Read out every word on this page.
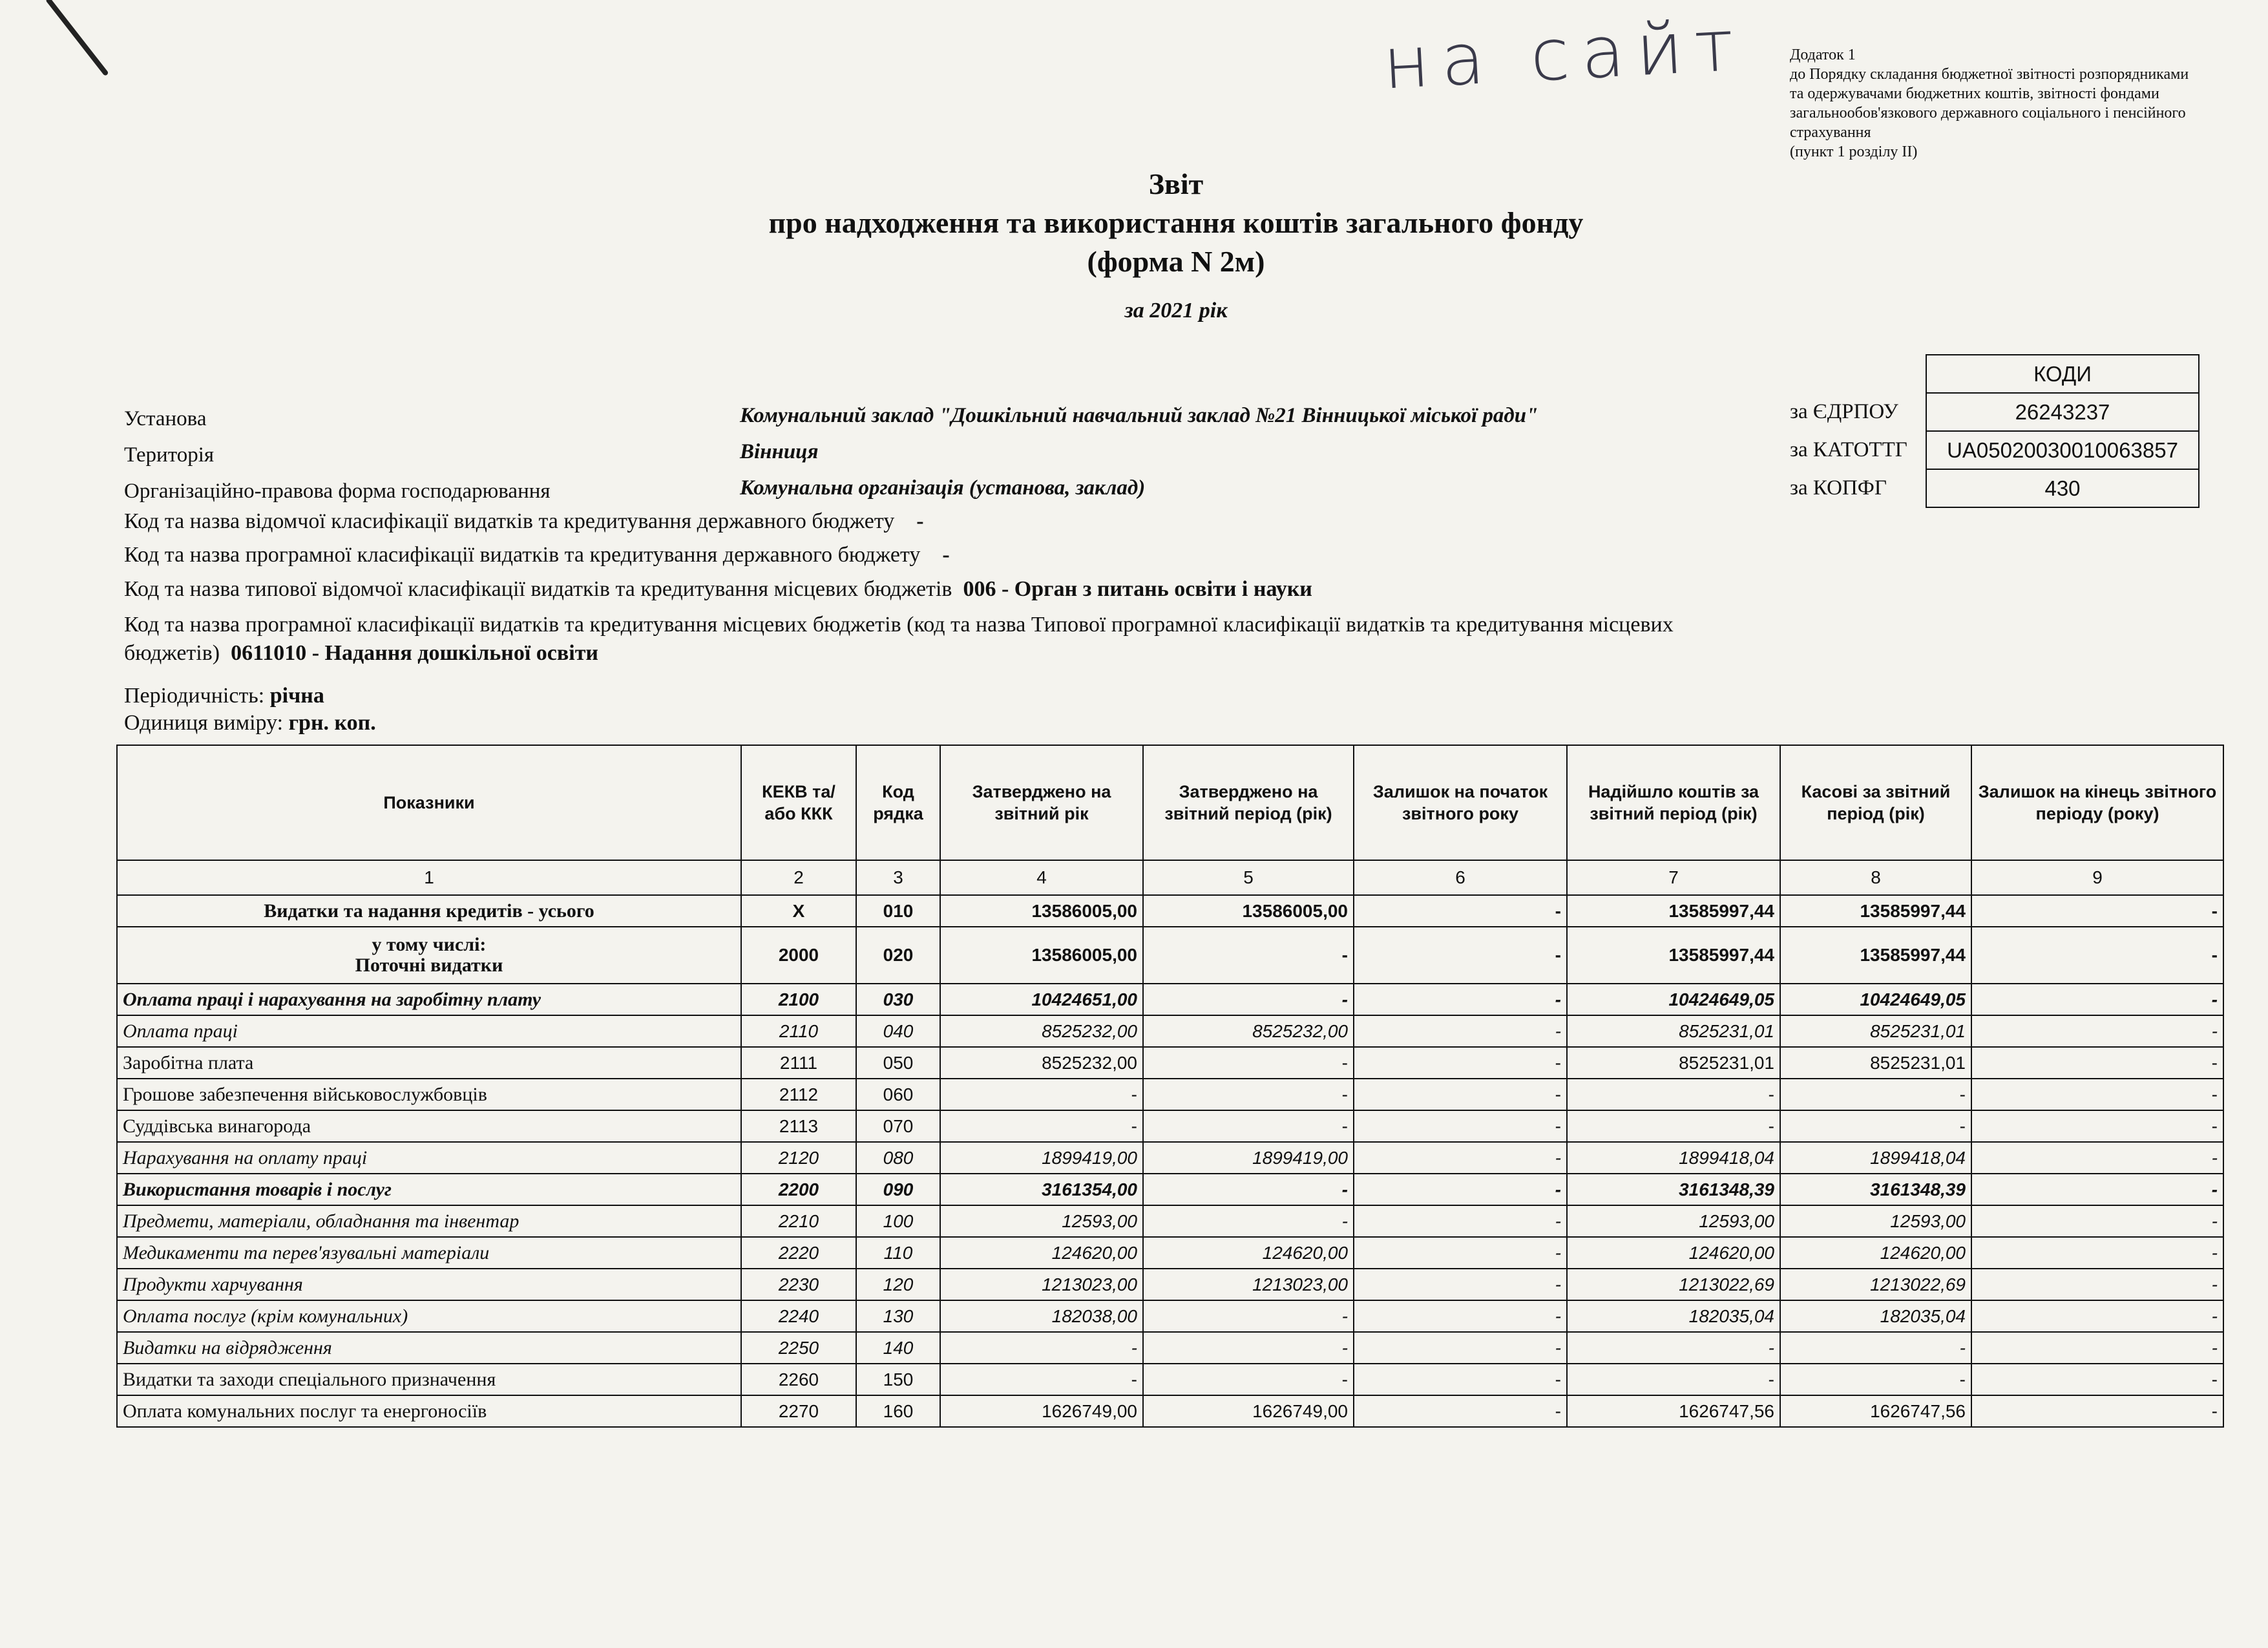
на сайт	Додаток 1
до Порядку складання бюджетної звітності розпорядниками
та одержувачами бюджетних коштів, звітності фондами
загальнообов'язкового державного соціального і пенсійного
страхування
(пункт 1 розділу ІІ)
Звіт
про надходження та використання коштів загального фонду
(форма N 2м)
за 2021 рік
	КОДИ
за ЄДРПОУ	26243237
за КАТОТТГ	UA05020030010063857
за КОПФГ	430
Установа	Комунальний заклад "Дошкільний навчальний заклад №21 Вінницької міської ради"
Територія	Вінниця
Організаційно-правова форма господарювання	Комунальна організація (установа, заклад)
Код та назва відомчої класифікації видатків та кредитування державного бюджету -
Код та назва програмної класифікації видатків та кредитування державного бюджету -
Код та назва типової відомчої класифікації видатків та кредитування місцевих бюджетів 006 - Орган з питань освіти і науки
Код та назва програмної класифікації видатків та кредитування місцевих бюджетів (код та назва Типової програмної класифікації видатків та кредитування місцевих бюджетів) 0611010 - Надання дошкільної освіти
Періодичність: річна
Одиниця виміру: грн. коп.
Показники	КЕКВ та/або ККК	Код рядка	Затверджено на звітний рік	Затверджено на звітний період (рік)	Залишок на початок звітного року	Надійшло коштів за звітний період (рік)	Касові за звітний період (рік)	Залишок на кінець звітного періоду (року)
1	2	3	4	5	6	7	8	9
Видатки та надання кредитів - усього	X	010	13586005,00	13586005,00	-	13585997,44	13585997,44	-

у тому числі:
Поточні видатки	2000	020	13586005,00	-	-	13585997,44	13585997,44	-
Оплата праці і нарахування на заробітну плату	2100	030	10424651,00	-	-	10424649,05	10424649,05	-
Оплата праці	2110	040	8525232,00	8525232,00	-	8525231,01	8525231,01	-
Заробітна плата	2111	050	8525232,00	-	-	8525231,01	8525231,01	-
Грошове забезпечення військовослужбовців	2112	060	-	-	-	-	-	-
Суддівська винагорода	2113	070	-	-	-	-	-	-
Нарахування на оплату праці	2120	080	1899419,00	1899419,00	-	1899418,04	1899418,04	-
Використання товарів і послуг	2200	090	3161354,00	-	-	3161348,39	3161348,39	-
Предмети, матеріали, обладнання та інвентар	2210	100	12593,00	-	-	12593,00	12593,00	-
Медикаменти та перев'язувальні матеріали	2220	110	124620,00	124620,00	-	124620,00	124620,00	-
Продукти харчування	2230	120	1213023,00	1213023,00	-	1213022,69	1213022,69	-
Оплата послуг (крім комунальних)	2240	130	182038,00	-	-	182035,04	182035,04	-
Видатки на відрядження	2250	140	-	-	-	-	-	-
Видатки та заходи спеціального призначення	2260	150	-	-	-	-	-	-
Оплата комунальних послуг та енергоносіїв	2270	160	1626749,00	1626749,00	-	1626747,56	1626747,56	-
